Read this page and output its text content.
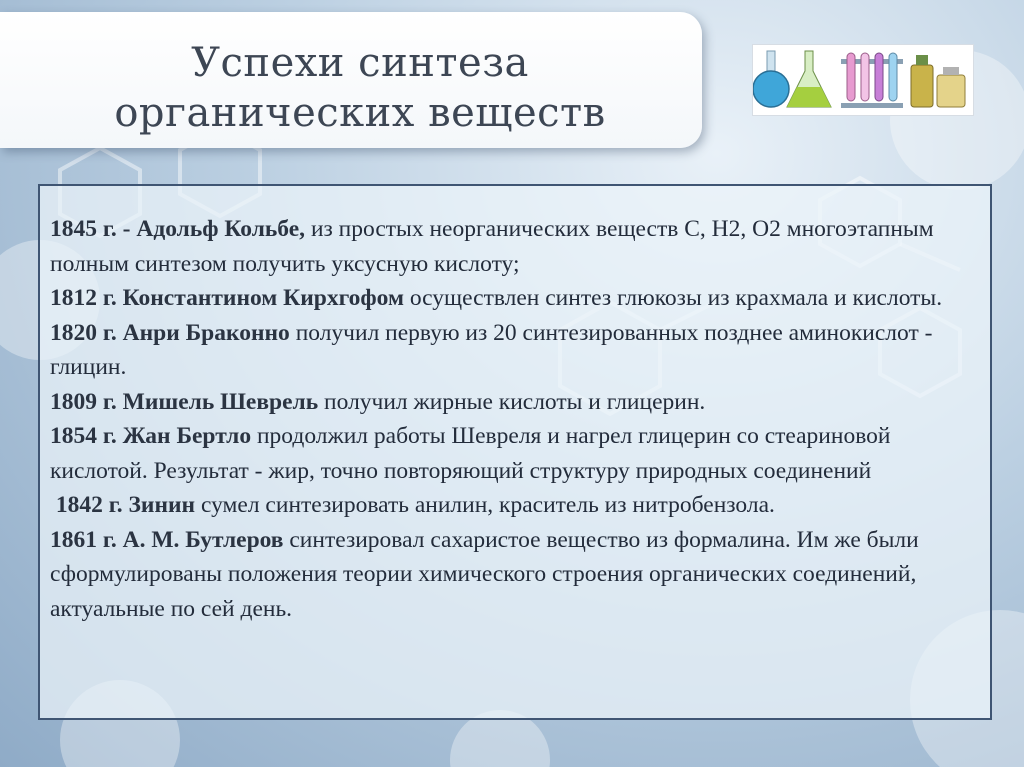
Успехи синтеза
органических веществ

1845 г. - Адольф Кольбе, из простых неорганических веществ С, Н2, О2 многоэтапным полным синтезом получить уксусную кислоту;

1812 г. Константином Кирхгофом осуществлен синтез глюкозы из крахмала и кислоты.

1820 г. Анри Браконно получил первую из 20 синтезированных позднее аминокислот - глицин.

1809 г. Мишель Шеврель получил жирные кислоты и глицерин.

1854 г. Жан Бертло продолжил работы Шевреля и нагрел глицерин со стеариновой кислотой. Результат - жир, точно повторяющий структуру природных соединений

1842 г. Зинин сумел синтезировать анилин, краситель из нитробензола.

1861 г. А. М. Бутлеров синтезировал сахаристое вещество из формалина. Им же были сформулированы положения теории химического строения органических соединений, актуальные по сей день.
